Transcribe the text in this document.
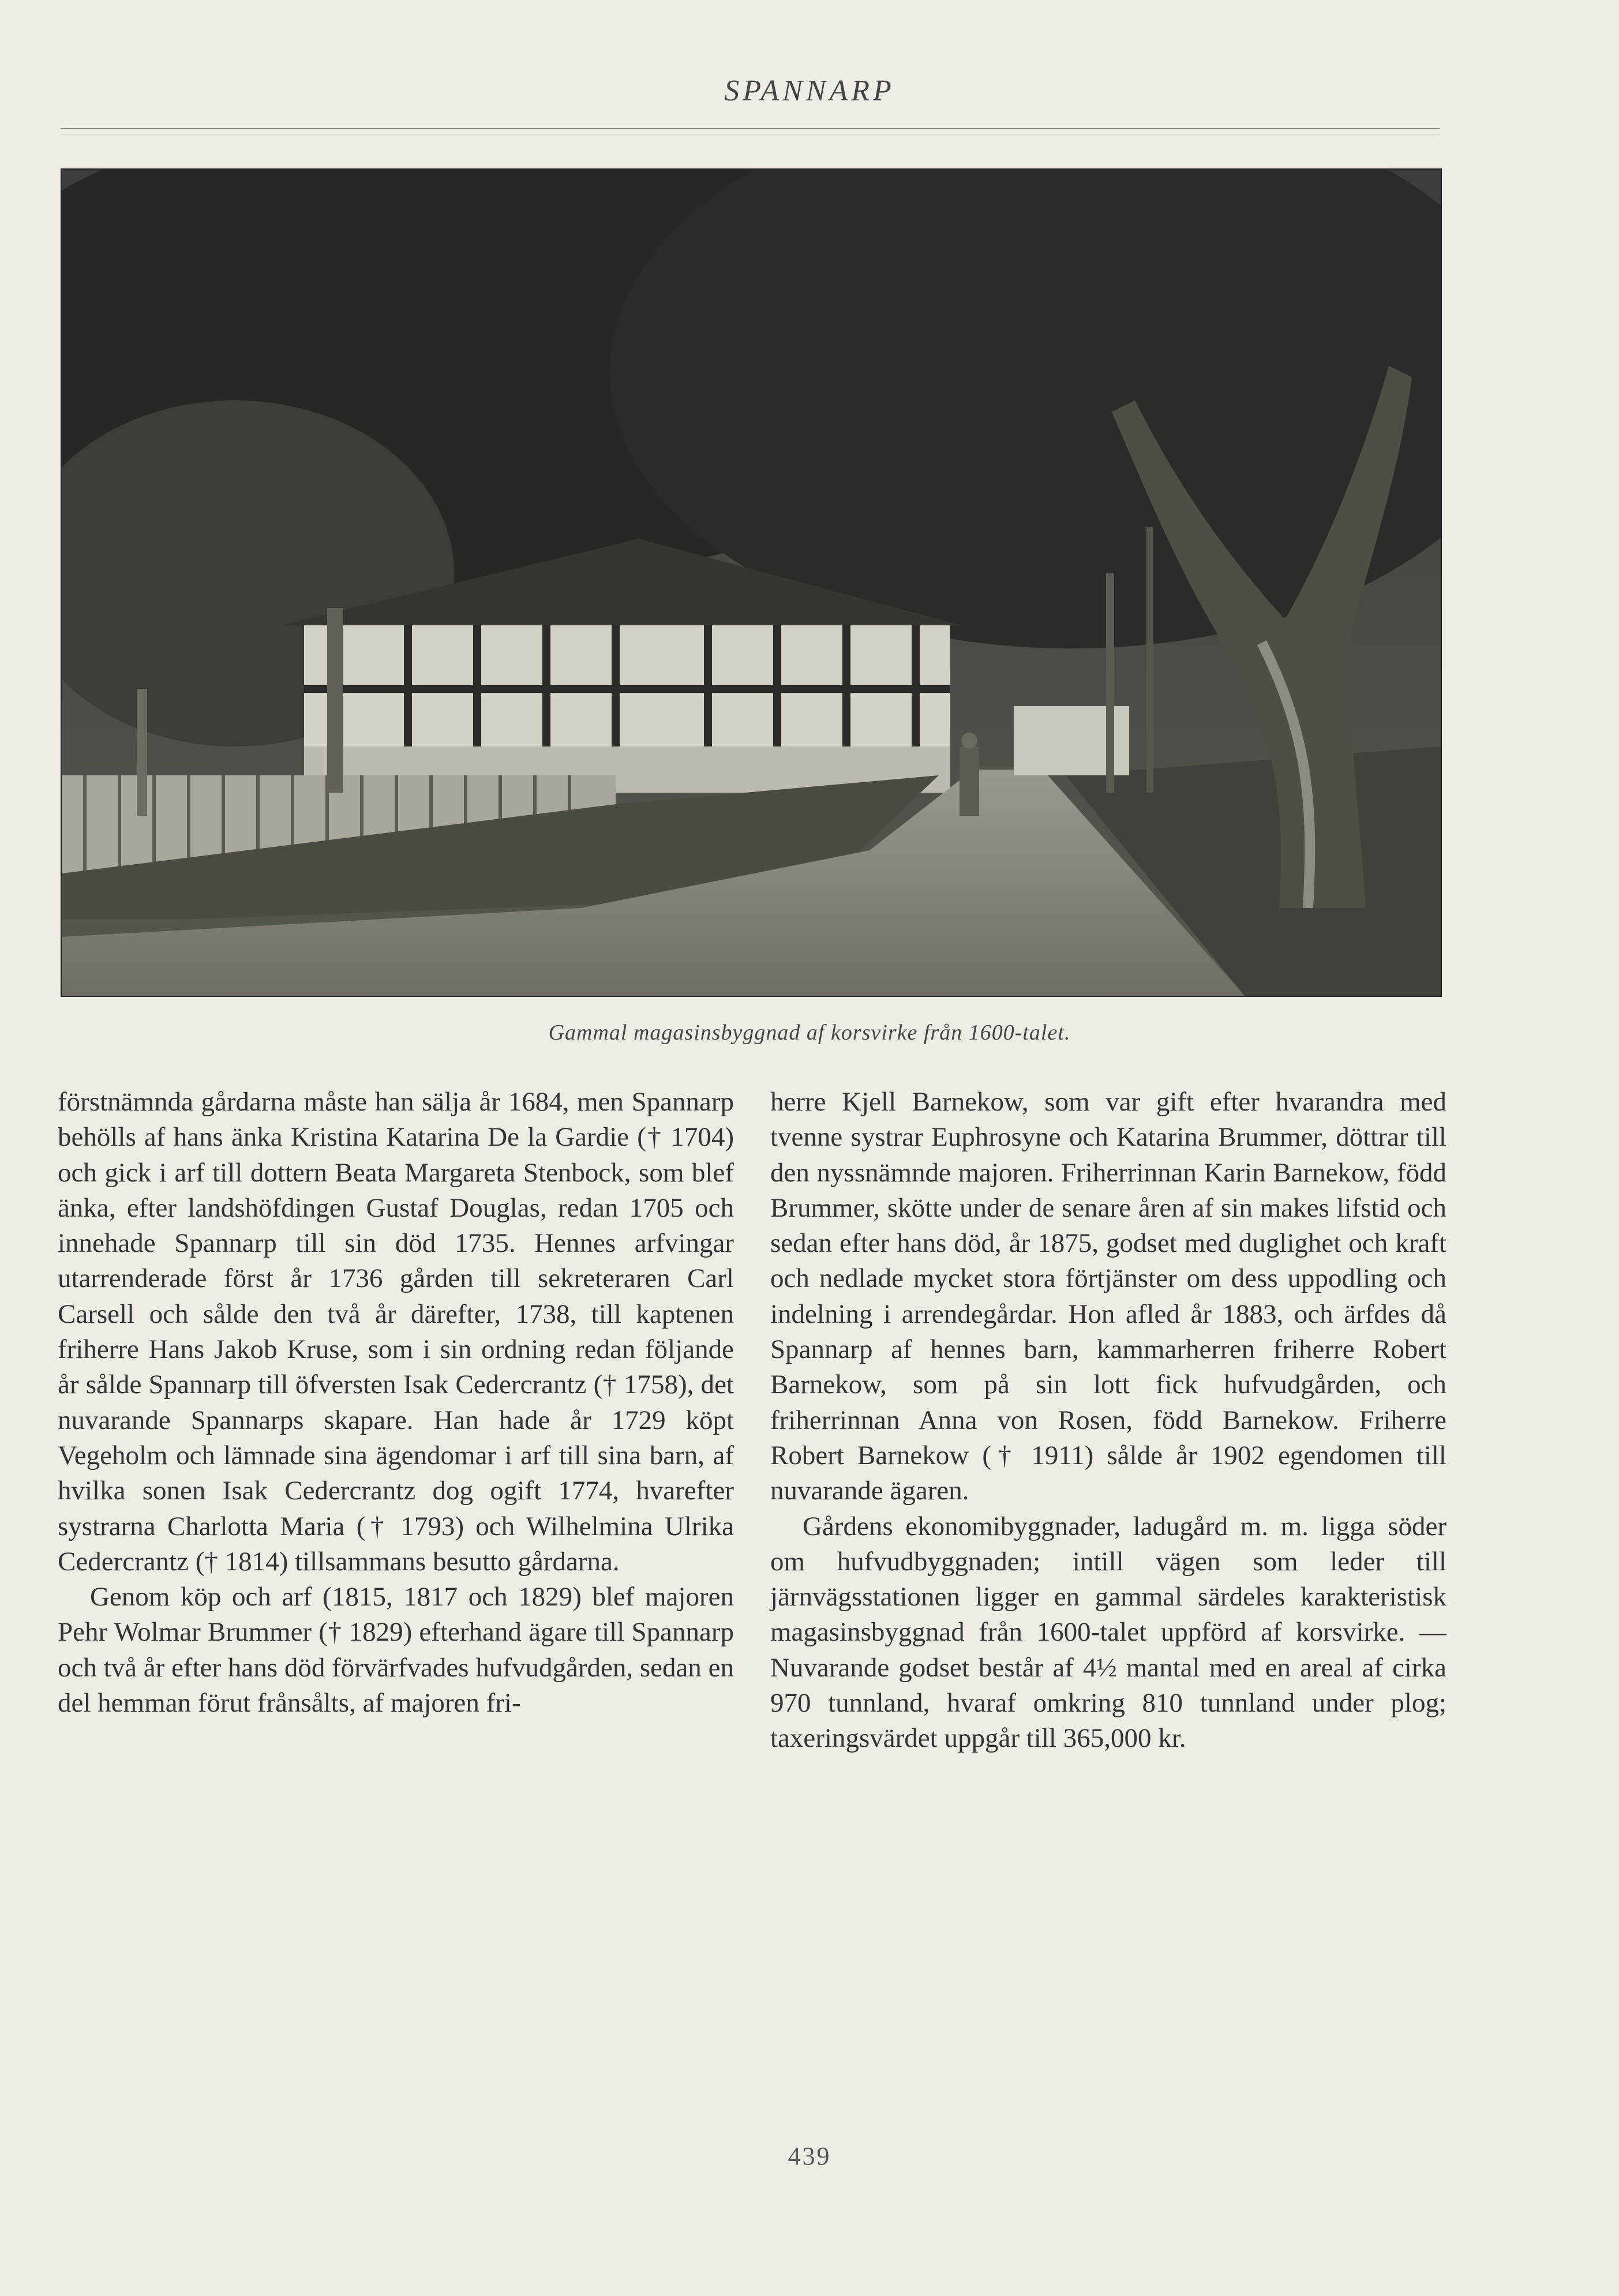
SPANNARP
Gammal magasinsbyggnad af korsvirke från 1600-talet.

förstnämnda gårdarna måste han sälja år 1684, men Spannarp behölls af hans änka Kristina Katarina De la Gardie († 1704) och gick i arf till dottern Beata Margareta Stenbock, som blef änka, efter landshöfdingen Gustaf Douglas, redan 1705 och innehade Spannarp till sin död 1735. Hennes arfvingar utarrenderade först år 1736 gården till sekreteraren Carl Carsell och sålde den två år därefter, 1738, till kaptenen friherre Hans Jakob Kruse, som i sin ordning redan följande år sålde Spannarp till öfversten Isak Cedercrantz († 1758), det nuvarande Spannarps skapare. Han hade år 1729 köpt Vegeholm och lämnade sina ägendomar i arf till sina barn, af hvilka sonen Isak Cedercrantz dog ogift 1774, hvarefter systrarna Charlotta Maria († 1793) och Wilhelmina Ulrika Cedercrantz († 1814) tillsammans besutto gårdarna.

Genom köp och arf (1815, 1817 och 1829) blef majoren Pehr Wolmar Brummer († 1829) efterhand ägare till Spannarp och två år efter hans död förvärfvades hufvudgården, sedan en del hemman förut frånsålts, af majoren fri-

herre Kjell Barnekow, som var gift efter hvarandra med tvenne systrar Euphrosyne och Katarina Brummer, döttrar till den nyssnämnde majoren. Friherrinnan Karin Barnekow, född Brummer, skötte under de senare åren af sin makes lifstid och sedan efter hans död, år 1875, godset med duglighet och kraft och nedlade mycket stora förtjänster om dess uppodling och indelning i arrendegårdar. Hon afled år 1883, och ärfdes då Spannarp af hennes barn, kammarherren friherre Robert Barnekow, som på sin lott fick hufvudgården, och friherrinnan Anna von Rosen, född Barnekow. Friherre Robert Barnekow († 1911) sålde år 1902 egendomen till nuvarande ägaren.

Gårdens ekonomibyggnader, ladugård m. m. ligga söder om hufvudbyggnaden; intill vägen som leder till järnvägsstationen ligger en gammal särdeles karakteristisk magasinsbyggnad från 1600-talet uppförd af korsvirke. — Nuvarande godset består af 4½ mantal med en areal af cirka 970 tunnland, hvaraf omkring 810 tunnland under plog; taxeringsvärdet uppgår till 365,000 kr.

439
